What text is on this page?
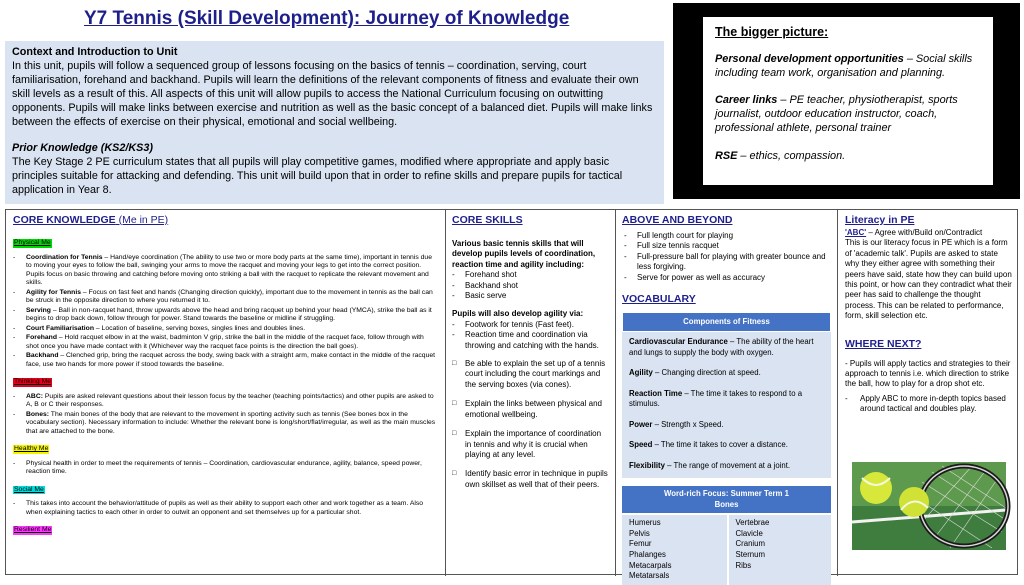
Y7 Tennis (Skill Development): Journey of Knowledge
Context and Introduction to Unit
In this unit, pupils will follow a sequenced group of lessons focusing on the basics of tennis – coordination, serving, court familiarisation, forehand and backhand. Pupils will learn the definitions of the relevant components of fitness and evaluate their own skill levels as a result of this. All aspects of this unit will allow pupils to access the National Curriculum focusing on outwitting opponents. Pupils will make links between exercise and nutrition as well as the basic concept of a balanced diet. Pupils will make links between the effects of exercise on their physical, emotional and social wellbeing.
Prior Knowledge (KS2/KS3)
The Key Stage 2 PE curriculum states that all pupils will play competitive games, modified where appropriate and apply basic principles suitable for attacking and defending. This unit will build upon that in order to refine skills and prepare pupils for tactical application in Year 8.
The bigger picture:

Personal development opportunities – Social skills including team work, organisation and planning.

Career links – PE teacher, physiotherapist, sports journalist, outdoor education instructor, coach, professional athlete, personal trainer

RSE – ethics, compassion.

CORE KNOWLEDGE (Me in PE)
Physical Me
- Coordination for Tennis – Hand/eye coordination (The ability to use two or more body parts at the same time), important in tennis due to moving your eyes to follow the ball, swinging your arms to move the racquet and moving your legs to get into the correct position. Pupils focus on basic throwing and catching before moving onto striking a ball with the racquet to replicate the relevant movement and skills.
- Agility for Tennis – Focus on fast feet and hands (Changing direction quickly), important due to the movement in tennis as the ball can be struck in the opposite direction to where you returned it to.
- Serving – Ball in non-racquet hand, throw upwards above the head and bring racquet up behind your head (YMCA), strike the ball as it begins to drop back down, follow through for power. Stand towards the baseline or midline if struggling.
- Court Familiarisation – Location of baseline, serving boxes, singles lines and doubles lines.
- Forehand – Hold racquet elbow in at the waist, badminton V grip, strike the ball in the middle of the racquet face, follow through with shot once you have made contact with it (Whichever way the racquet face points is the direction the ball goes).
- Backhand – Clenched grip, bring the racquet across the body, swing back with a straight arm, make contact in the middle of the racquet face, use two hands for more power if stood towards the baseline.
Thinking Me
- ABC: Pupils are asked relevant questions about their lesson focus by the teacher (teaching points/tactics) and other pupils are asked to A, B or C their responses.
- Bones: The main bones of the body that are relevant to the movement in sporting activity such as tennis (See bones box in the vocabulary section). Necessary information to include: Whether the relevant bone is long/short/flat/irregular, as well as the main muscles that are attached to the bone.
Healthy Me
- Physical health in order to meet the requirements of tennis – Coordination, cardiovascular endurance, agility, balance, speed power, reaction time.
Social Me
- This takes into account the behavior/attitude of pupils as well as their ability to support each other and work together as a team. Also when explaining tactics to each other in order to outwit an opponent and set themselves up for a particular shot.
Resilient Me
CORE SKILLS
Various basic tennis skills that will develop pupils levels of coordination, reaction time and agility including:
- Forehand shot
- Backhand shot
- Basic serve
Pupils will also develop agility via:
- Footwork for tennis (Fast feet).
- Reaction time and coordination via throwing and catching with the hands.
□ Be able to explain the set up of a tennis court including the court markings and the serving boxes (via cones).
□ Explain the links between physical and emotional wellbeing.
□ Explain the importance of coordination in tennis and why it is crucial when playing at any level.
□ Identify basic error in technique in pupils own skillset as well that of their peers.
ABOVE AND BEYOND
- Full length court for playing
- Full size tennis racquet
- Full-pressure ball for playing with greater bounce and less forgiving.
- Serve for power as well as accuracy
VOCABULARY
Components of Fitness

Cardiovascular Endurance – The ability of the heart and lungs to supply the body with oxygen.

Agility – Changing direction at speed.

Reaction Time – The time it takes to respond to a stimulus.

Power – Strength x Speed.

Speed – The time it takes to cover a distance.

Flexibility – The range of movement at a joint.

Word-rich Focus: Summer Term 1
Bones
Humerus
Pelvis
Femur
Phalanges
Metacarpals
Metatarsals
Vertebrae
Clavicle
Cranium
Sternum
Ribs
Literacy in PE
'ABC' – Agree with/Build on/Contradict
This is our literacy focus in PE which is a form of 'academic talk'. Pupils are asked to state why they either agree with something their peers have said, state how they can build upon this point, or how can they contradict what their peer has said to challenge the thought process. This can be related to performance, form, skill selection etc.
WHERE NEXT?
- Pupils will apply tactics and strategies to their approach to tennis i.e. which direction to strike the ball, how to play for a drop shot etc.
- Apply ABC to more in-depth topics based around tactical and doubles play.
